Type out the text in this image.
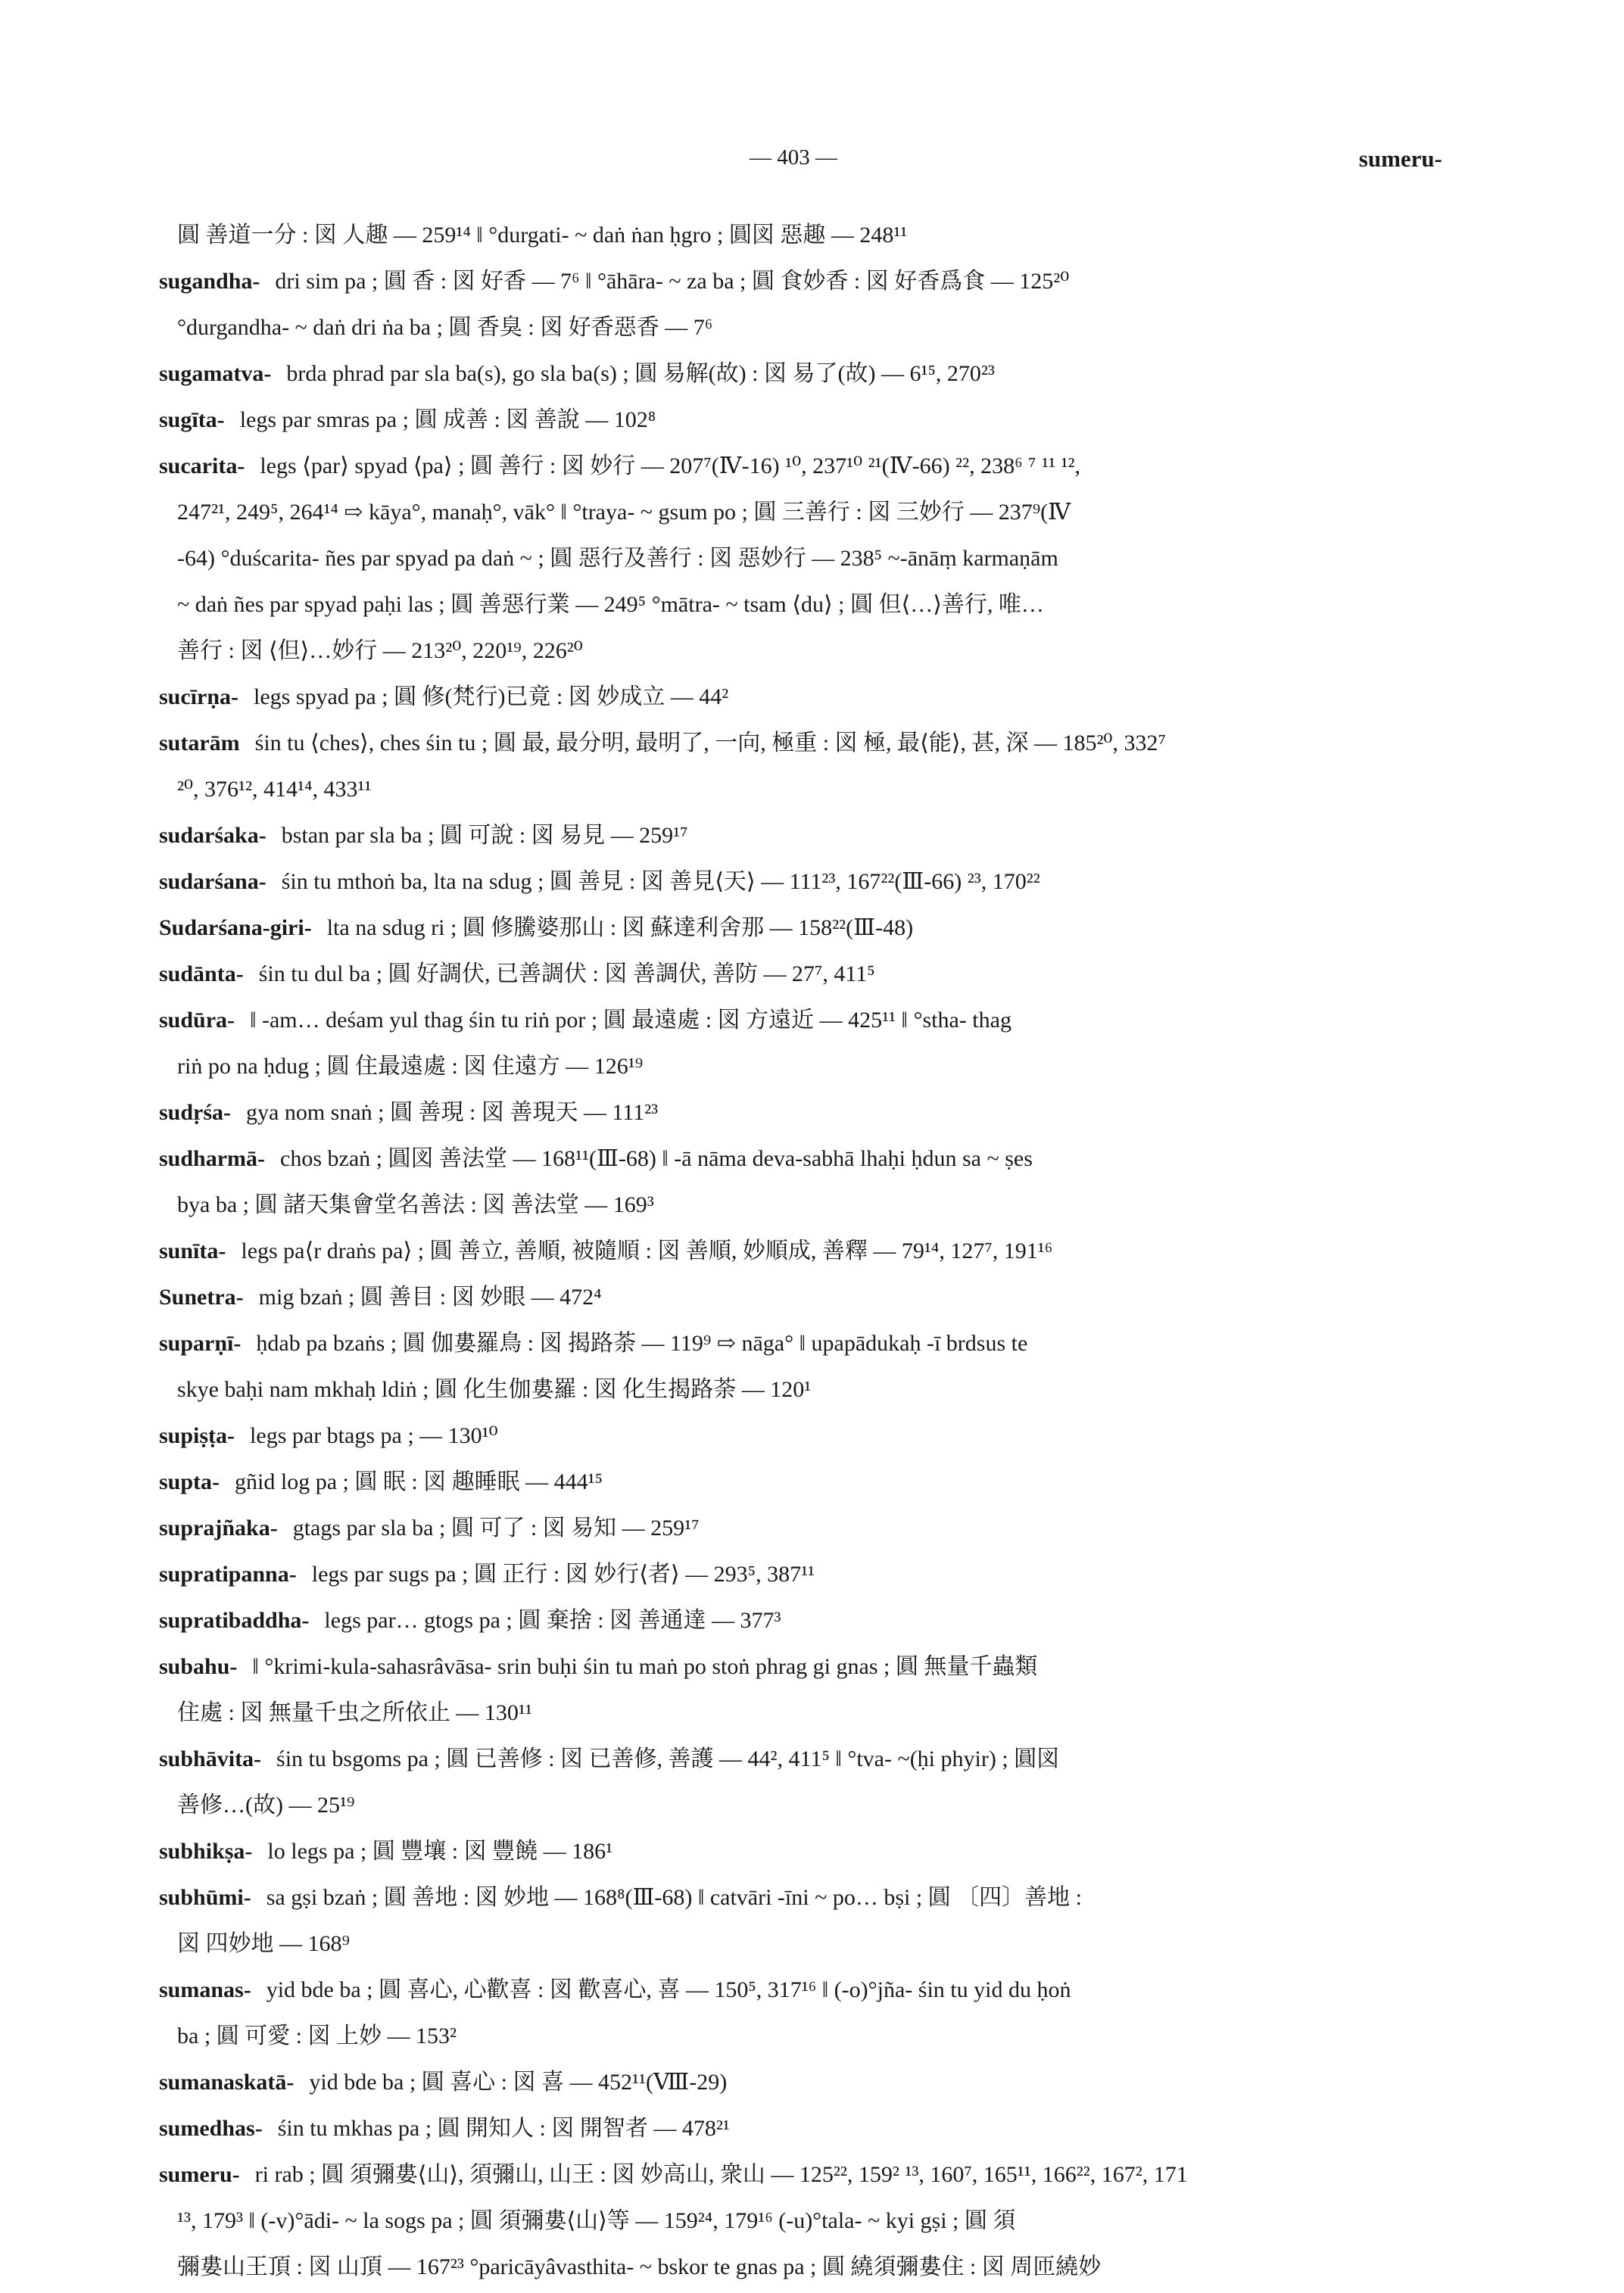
— 403 —	sumeru-
圓 善道一分 : 図 人趣 — 259¹⁴ ‖ °durgati- ~ daṅ ṅan ḥgro ; 圓図 惡趣 — 248¹¹
sugandha- dri sim pa ; 圓 香 : 図 好香 — 7⁶ ‖ °āhāra- ~ za ba ; 圓 食妙香 : 図 好香爲食 — 125²⁰
°durgandha- ~ daṅ dri ṅa ba ; 圓 香臭 : 図 好香惡香 — 7⁶
sugamatva- brda phrad par sla ba(s), go sla ba(s) ; 圓 易解(故) : 図 易了(故) — 6¹⁵, 270²³
sugīta- legs par smras pa ; 圓 成善 : 図 善說 — 102⁸
sucarita- legs ⟨par⟩ spyad ⟨pa⟩ ; 圓 善行 : 図 妙行 — 207⁷(Ⅳ-16) ¹⁰, 237¹⁰ ²¹(Ⅳ-66) ²², 238⁶ ⁷ ¹¹ ¹²,
247²¹, 249⁵, 264¹⁴ ⇨ kāya°, manaḥ°, vāk° ‖ °traya- ~ gsum po ; 圓 三善行 : 図 三妙行 — 237⁹(Ⅳ
-64) °duścarita- ñes par spyad pa daṅ ~ ; 圓 惡行及善行 : 図 惡妙行 — 238⁵ ~-ānāṃ karmaṇām
~ daṅ ñes par spyad paḥi las ; 圓 善惡行業 — 249⁵ °mātra- ~ tsam ⟨du⟩ ; 圓 但⟨…⟩善行, 唯…
善行 : 図 ⟨但⟩…妙行 — 213²⁰, 220¹⁹, 226²⁰
sucīrṇa- legs spyad pa ; 圓 修(梵行)已竟 : 図 妙成立 — 44²
sutarām śin tu ⟨ches⟩, ches śin tu ; 圓 最, 最分明, 最明了, 一向, 極重 : 図 極, 最⟨能⟩, 甚, 深 — 185²⁰, 332⁷
²⁰, 376¹², 414¹⁴, 433¹¹
sudarśaka- bstan par sla ba ; 圓 可說 : 図 易見 — 259¹⁷
sudarśana- śin tu mthoṅ ba, lta na sdug ; 圓 善見 : 図 善見⟨天⟩ — 111²³, 167²²(Ⅲ-66) ²³, 170²²
Sudarśana-giri- lta na sdug ri ; 圓 修騰婆那山 : 図 蘇達利舍那 — 158²²(Ⅲ-48)
sudānta- śin tu dul ba ; 圓 好調伏, 已善調伏 : 図 善調伏, 善防 — 27⁷, 411⁵
sudūra- ‖ -am… deśam yul thag śin tu riṅ por ; 圓 最遠處 : 図 方遠近 — 425¹¹ ‖ °stha- thag
riṅ po na ḥdug ; 圓 住最遠處 : 図 住遠方 — 126¹⁹
sudṛśa- gya nom snaṅ ; 圓 善現 : 図 善現天 — 111²³
sudharmā- chos bzaṅ ; 圓図 善法堂 — 168¹¹(Ⅲ-68) ‖ -ā nāma deva-sabhā lhaḥi ḥdun sa ~ ṣes
bya ba ; 圓 諸天集會堂名善法 : 図 善法堂 — 169³
sunīta- legs pa⟨r draṅs pa⟩ ; 圓 善立, 善順, 被隨順 : 図 善順, 妙順成, 善釋 — 79¹⁴, 127⁷, 191¹⁶
Sunetra- mig bzaṅ ; 圓 善目 : 図 妙眼 — 472⁴
suparṇī- ḥdab pa bzaṅs ; 圓 伽婁羅鳥 : 図 揭路荼 — 119⁹ ⇨ nāga° ‖ upapādukaḥ -ī brdsus te
skye baḥi nam mkhaḥ ldiṅ ; 圓 化生伽婁羅 : 図 化生揭路荼 — 120¹
supiṣṭa- legs par btags pa ; — 130¹⁰
supta- gñid log pa ; 圓 眠 : 図 趣睡眠 — 444¹⁵
suprajñaka- gtags par sla ba ; 圓 可了 : 図 易知 — 259¹⁷
supratipanna- legs par sugs pa ; 圓 正行 : 図 妙行⟨者⟩ — 293⁵, 387¹¹
supratibaddha- legs par… gtogs pa ; 圓 棄捨 : 図 善通達 — 377³
subahu- ‖ °krimi-kula-sahasrâvāsa- srin buḥi śin tu maṅ po stoṅ phrag gi gnas ; 圓 無量千蟲類
住處 : 図 無量千虫之所依止 — 130¹¹
subhāvita- śin tu bsgoms pa ; 圓 已善修 : 図 已善修, 善護 — 44², 411⁵ ‖ °tva- ~(ḥi phyir) ; 圓図
善修…(故) — 25¹⁹
subhikṣa- lo legs pa ; 圓 豐壤 : 図 豐饒 — 186¹
subhūmi- sa gṣi bzaṅ ; 圓 善地 : 図 妙地 — 168⁸(Ⅲ-68) ‖ catvāri -īni ~ po… bṣi ; 圓 〔四〕善地 :
図 四妙地 — 168⁹
sumanas- yid bde ba ; 圓 喜心, 心歡喜 : 図 歡喜心, 喜 — 150⁵, 317¹⁶ ‖ (-o)°jña- śin tu yid du ḥoṅ
ba ; 圓 可愛 : 図 上妙 — 153²
sumanaskatā- yid bde ba ; 圓 喜心 : 図 喜 — 452¹¹(Ⅷ-29)
sumedhas- śin tu mkhas pa ; 圓 開知人 : 図 開智者 — 478²¹
sumeru- ri rab ; 圓 須彌婁⟨山⟩, 須彌山, 山王 : 図 妙高山, 衆山 — 125²², 159² ¹³, 160⁷, 165¹¹, 166²², 167², 171
¹³, 179³ ‖ (-v)°ādi- ~ la sogs pa ; 圓 須彌婁⟨山⟩等 — 159²⁴, 179¹⁶ (-u)°tala- ~ kyi gṣi ; 圓 須
彌婁山王頂 : 図 山頂 — 167²³ °paricāyâvasthita- ~ bskor te gnas pa ; 圓 繞須彌婁住 : 図 周匝繞妙
